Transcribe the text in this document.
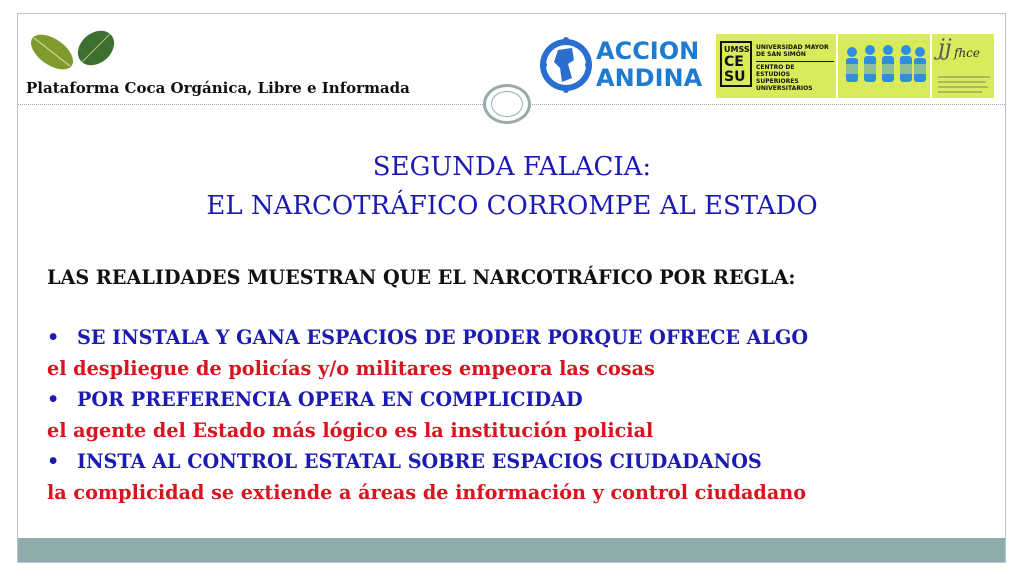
Plataforma Coca Orgánica, Libre e Informada
ACCION
ANDINA
UMSS
CE
SU
UNIVERSIDAD MAYOR
DE SAN SIMÓN
CENTRO DE
ESTUDIOS SUPERIORES
UNIVERSITARIOS
jj fhce
SEGUNDA FALACIA:
EL NARCOTRÁFICO CORROMPE AL ESTADO
LAS REALIDADES MUESTRAN QUE EL NARCOTRÁFICO POR REGLA:
• SE INSTALA Y GANA ESPACIOS DE PODER PORQUE OFRECE ALGO
el despliegue de policías y/o militares empeora las cosas
• POR PREFERENCIA OPERA EN COMPLICIDAD
el agente del Estado más lógico es la institución policial
• INSTA AL CONTROL ESTATAL SOBRE ESPACIOS CIUDADANOS
la complicidad se extiende a áreas de información y control ciudadano
